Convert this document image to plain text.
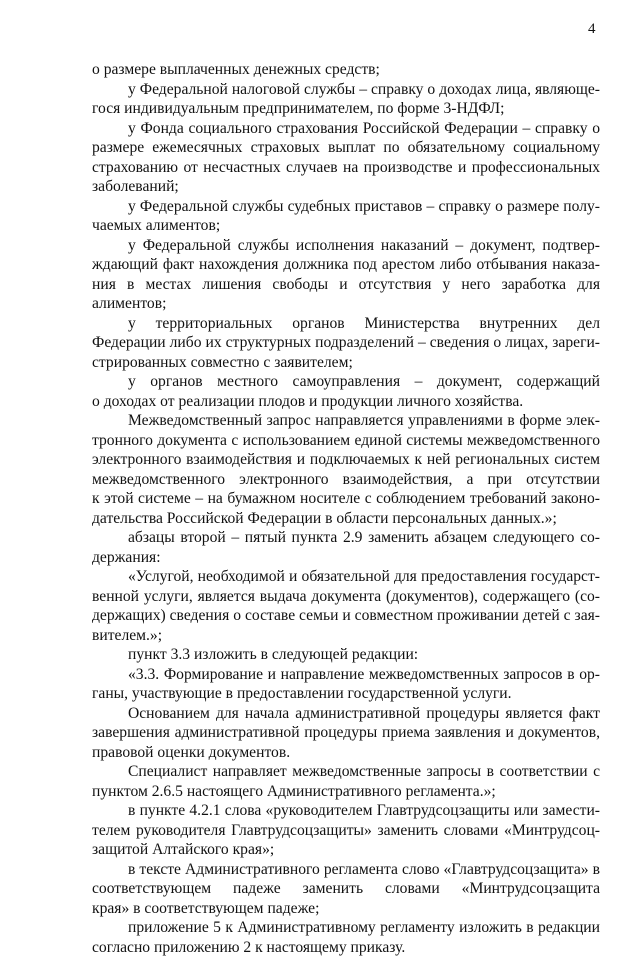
4
о размере выплаченных денежных средств;
у Федеральной налоговой службы – справку о доходах лица, являюще-
гося индивидуальным предпринимателем, по форме 3-НДФЛ;
у Фонда социального страхования Российской Федерации – справку о
размере ежемесячных страховых выплат по обязательному социальному
страхованию от несчастных случаев на производстве и профессиональных
заболеваний;
у Федеральной службы судебных приставов – справку о размере полу-
чаемых алиментов;
у Федеральной службы исполнения наказаний – документ, подтвер-
ждающий факт нахождения должника под арестом либо отбывания наказа-
ния в местах лишения свободы и отсутствия у него заработка для
алиментов;
у территориальных органов Министерства внутренних дел
Федерации либо их структурных подразделений – сведения о лицах, зареги-
стрированных совместно с заявителем;
у органов местного самоуправления – документ, содержащий
о доходах от реализации плодов и продукции личного хозяйства.
Межведомственный запрос направляется управлениями в форме элек-
тронного документа с использованием единой системы межведомственного
электронного взаимодействия и подключаемых к ней региональных систем
межведомственного электронного взаимодействия, а при отсутствии
к этой системе – на бумажном носителе с соблюдением требований законо-
дательства Российской Федерации в области персональных данных.»;
абзацы второй – пятый пункта 2.9 заменить абзацем следующего со-
держания:
«Услугой, необходимой и обязательной для предоставления государст-
венной услуги, является выдача документа (документов), содержащего (со-
держащих) сведения о составе семьи и совместном проживании детей с зая-
вителем.»;
пункт 3.3 изложить в следующей редакции:
«3.3. Формирование и направление межведомственных запросов в ор-
ганы, участвующие в предоставлении государственной услуги.
Основанием для начала административной процедуры является факт
завершения административной процедуры приема заявления и документов,
правовой оценки документов.
Специалист направляет межведомственные запросы в соответствии с
пунктом 2.6.5 настоящего Административного регламента.»;
в пункте 4.2.1 слова «руководителем Главтрудсоцзащиты или замести-
телем руководителя Главтрудсоцзащиты» заменить словами «Минтрудсоц-
защитой Алтайского края»;
в тексте Административного регламента слово «Главтрудсоцзащита» в
соответствующем падеже заменить словами «Минтрудсоцзащита
края» в соответствующем падеже;
приложение 5 к Административному регламенту изложить в редакции
согласно приложению 2 к настоящему приказу.
